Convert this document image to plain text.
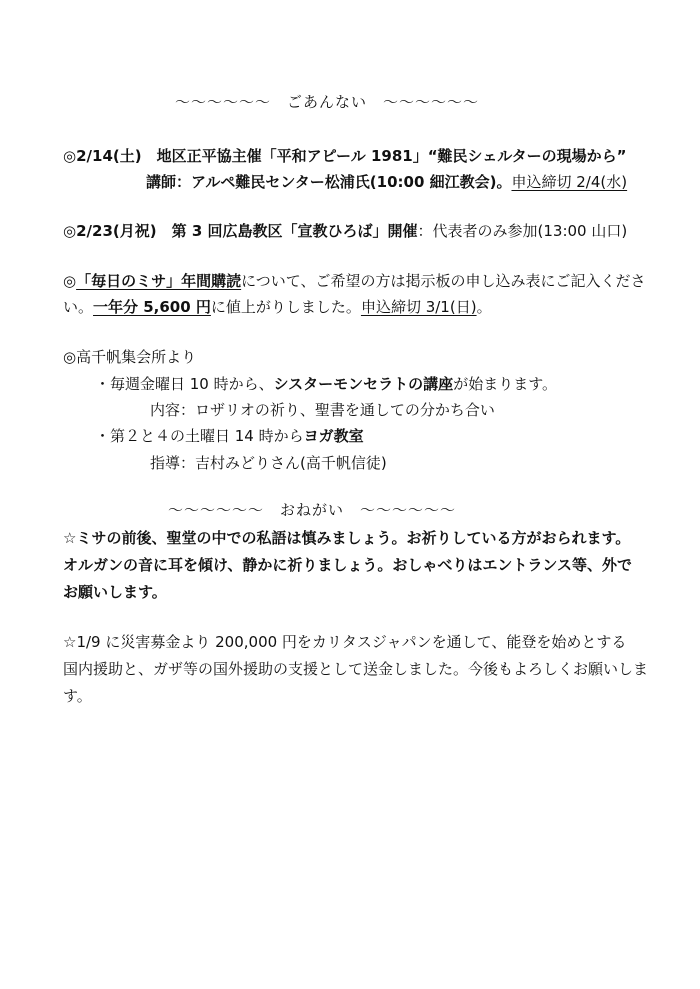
～～～～～～　ごあんない　～～～～～～
◎2/14(土)　 地区正平協主催「平和アピール 1981」“難民シェルターの現場から”
講師：アルペ難民センター松浦氏(10:00 細江教会)。申込締切 2/4(水)
◎2/23(月祝)　 第 3 回広島教区「宣教ひろば」開催：代表者のみ参加(13:00 山口)
◎「毎日のミサ」年間購読について、ご希望の方は掲示板の申し込み表にご記入くださ
い。一年分 5,600 円に値上がりしました。申込締切 3/1(日)。
◎高千帆集会所より
・毎週金曜日 10 時から、シスターモンセラトの講座が始まります。
内容：ロザリオの祈り、聖書を通しての分かち合い
・第２と４の土曜日 14 時からヨガ教室
指導：吉村みどりさん(高千帆信徒)
～～～～～～　おねがい　～～～～～～
☆ミサの前後、聖堂の中での私語は慎みましょう。お祈りしている方がおられます。
オルガンの音に耳を傾け、静かに祈りましょう。おしゃべりはエントランス等、外で
お願いします。
☆1/9 に災害募金より 200,000 円をカリタスジャパンを通して、能登を始めとする
国内援助と、ガザ等の国外援助の支援として送金しました。今後もよろしくお願いしま
す。
